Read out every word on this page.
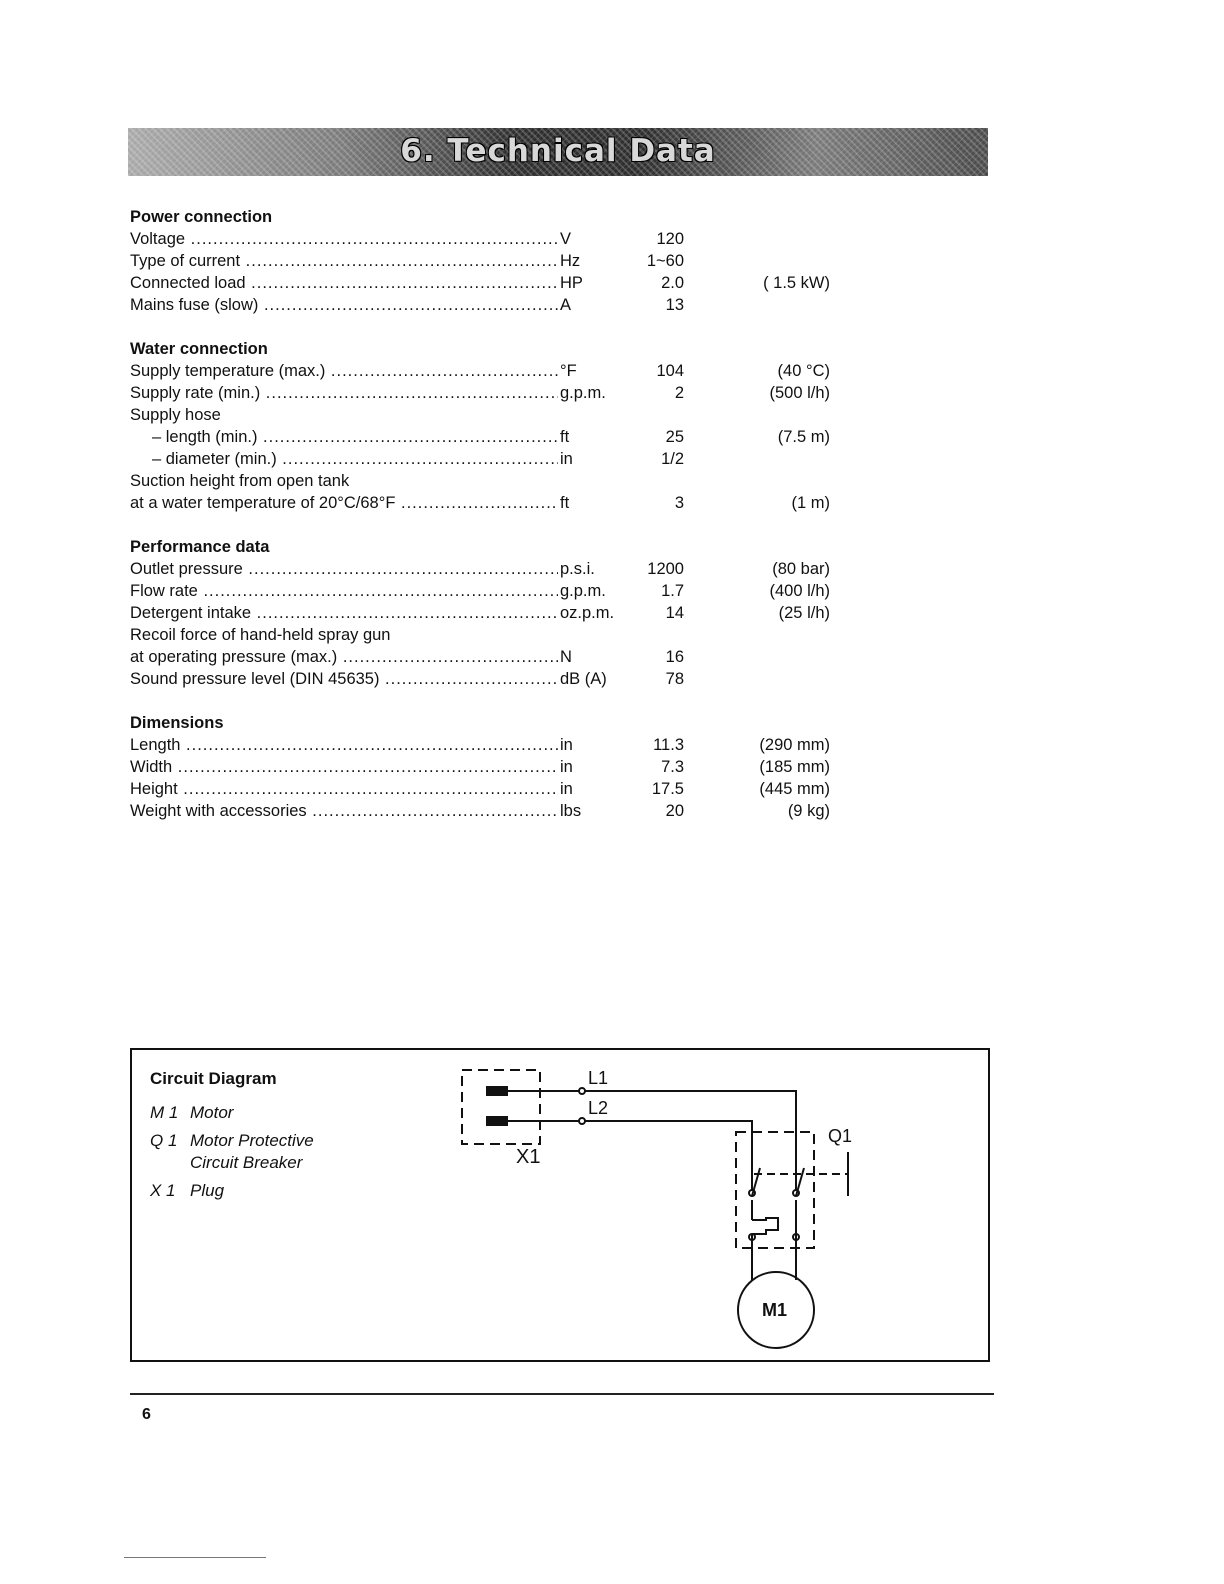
6. Technical Data
Power connection
Voltage .....	V	120
Type of current .....	Hz	1~60
Connected load .....	HP	2.0	( 1.5 kW)
Mains fuse (slow) .....	A	13
Water connection
Supply temperature (max.) .....	°F	104	(40 °C)
Supply rate (min.) .....	g.p.m.	2	(500 l/h)
Supply hose
– length (min.) .....	ft	25	(7.5 m)
– diameter (min.) .....	in	1/2
Suction height from open tank
at a water temperature of 20°C/68°F .....	ft	3	(1 m)
Performance data
Outlet pressure .....	p.s.i.	1200	(80 bar)
Flow rate .....	g.p.m.	1.7	(400 l/h)
Detergent intake .....	oz.p.m.	14	(25 l/h)
Recoil force of hand-held spray gun
at operating pressure (max.) .....	N	16
Sound pressure level (DIN 45635) .....	dB (A)	78
Dimensions
Length .....	in	11.3	(290 mm)
Width .....	in	7.3	(185 mm)
Height .....	in	17.5	(445 mm)
Weight with accessories .....	lbs	20	(9 kg)
Circuit Diagram
M 1 Motor
Q 1 Motor Protective Circuit Breaker
X 1 Plug
L1
L2
X1
Q1
M1
6
